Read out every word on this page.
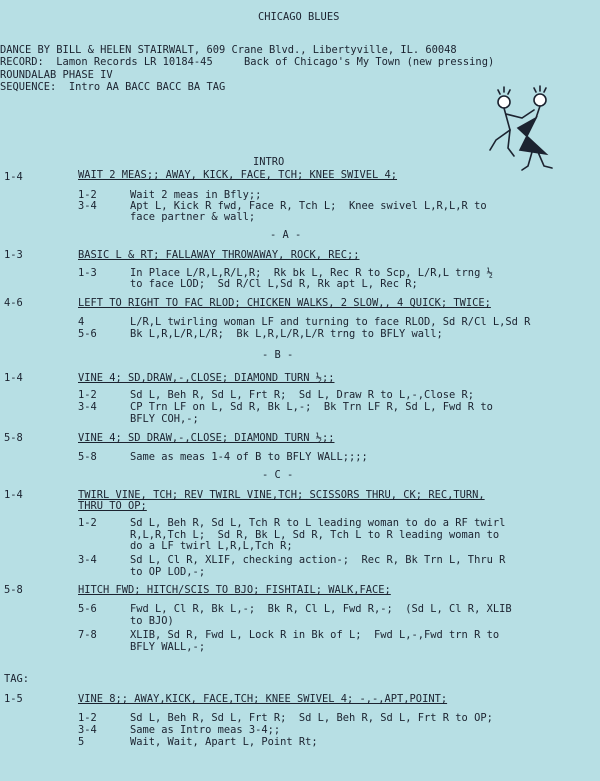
CHICAGO BLUES
DANCE BY BILL & HELEN STAIRWALT, 609 Crane Blvd., Libertyville, IL. 60048
RECORD:  Lamon Records LR 10184-45     Back of Chicago's My Town (new pressing)
ROUNDALAB PHASE IV
SEQUENCE:  Intro AA BACC BACC BA TAG
INTRO
1-4	WAIT 2 MEAS;; AWAY, KICK, FACE, TCH; KNEE SWIVEL 4;
1-2	Wait 2 meas in Bfly;;
3-4	Apt L, Kick R fwd, Face R, Tch L;  Knee swivel L,R,L,R to
face partner & wall;
- A -
1-3	BASIC L & RT; FALLAWAY THROWAWAY, ROCK, REC;;
1-3	In Place L/R,L,R/L,R;  Rk bk L, Rec R to Scp, L/R,L trng ½
to face LOD;  Sd R/Cl L,Sd R, Rk apt L, Rec R;
4-6	LEFT TO RIGHT TO FAC RLOD; CHICKEN WALKS, 2 SLOW,, 4 QUICK; TWICE;
4	L/R,L twirling woman LF and turning to face RLOD, Sd R/Cl L,Sd R
5-6	Bk L,R,L/R,L/R;  Bk L,R,L/R,L/R trng to BFLY wall;
- B -
1-4	VINE 4; SD,DRAW,-,CLOSE; DIAMOND TURN ½;;
1-2	Sd L, Beh R, Sd L, Frt R;  Sd L, Draw R to L,-,Close R;
3-4	CP Trn LF on L, Sd R, Bk L,-;  Bk Trn LF R, Sd L, Fwd R to
BFLY COH,-;
5-8	VINE 4; SD DRAW,-,CLOSE; DIAMOND TURN ½;;
5-8	Same as meas 1-4 of B to BFLY WALL;;;;
- C -
1-4	TWIRL VINE, TCH; REV TWIRL VINE,TCH; SCISSORS THRU, CK; REC,TURN,
THRU TO OP;
1-2	Sd L, Beh R, Sd L, Tch R to L leading woman to do a RF twirl
R,L,R,Tch L;  Sd R, Bk L, Sd R, Tch L to R leading woman to
do a LF twirl L,R,L,Tch R;
3-4	Sd L, Cl R, XLIF, checking action-;  Rec R, Bk Trn L, Thru R
to OP LOD,-;
5-8	HITCH FWD; HITCH/SCIS TO BJO; FISHTAIL; WALK,FACE;
5-6	Fwd L, Cl R, Bk L,-;  Bk R, Cl L, Fwd R,-;  (Sd L, Cl R, XLIB
to BJO)
7-8	XLIB, Sd R, Fwd L, Lock R in Bk of L;  Fwd L,-,Fwd trn R to
BFLY WALL,-;
TAG:
1-5	VINE 8;; AWAY,KICK, FACE,TCH; KNEE SWIVEL 4; -,-,APT,POINT;
1-2	Sd L, Beh R, Sd L, Frt R;  Sd L, Beh R, Sd L, Frt R to OP;
3-4	Same as Intro meas 3-4;;
5	Wait, Wait, Apart L, Point Rt;
